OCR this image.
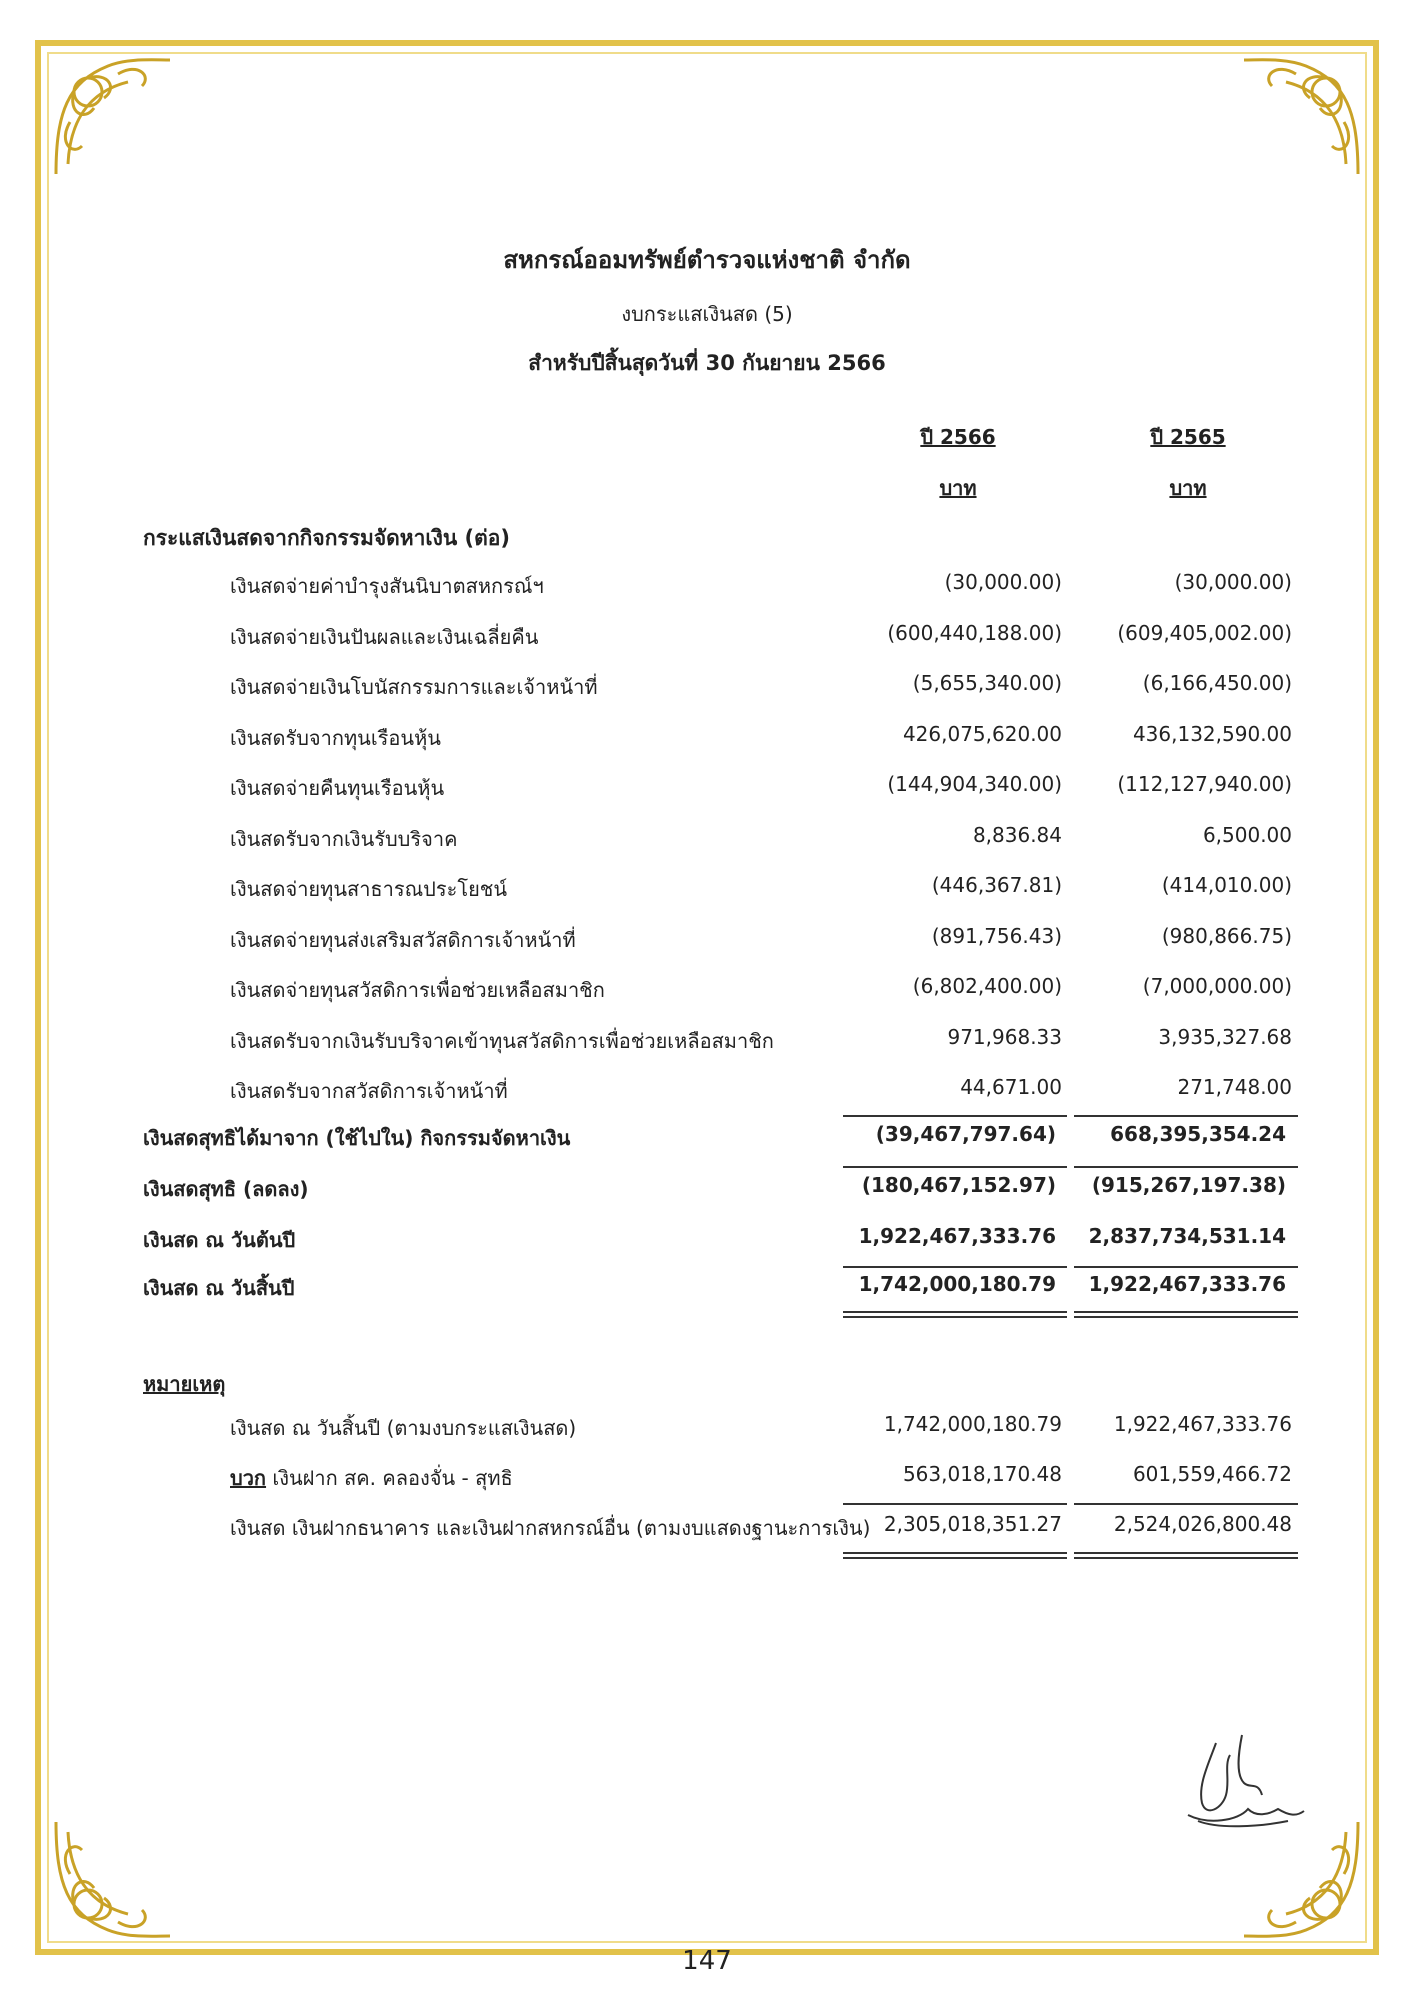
สหกรณ์ออมทรัพย์ตำรวจแห่งชาติ จำกัด
งบกระแสเงินสด (5)
สำหรับปีสิ้นสุดวันที่ 30 กันยายน 2566
ปี 2566	ปี 2565
บาท	บาท
กระแสเงินสดจากกิจกรรมจัดหาเงิน (ต่อ)
เงินสดจ่ายค่าบำรุงสันนิบาตสหกรณ์ฯ	(30,000.00)	(30,000.00)
เงินสดจ่ายเงินปันผลและเงินเฉลี่ยคืน	(600,440,188.00)	(609,405,002.00)
เงินสดจ่ายเงินโบนัสกรรมการและเจ้าหน้าที่	(5,655,340.00)	(6,166,450.00)
เงินสดรับจากทุนเรือนหุ้น	426,075,620.00	436,132,590.00
เงินสดจ่ายคืนทุนเรือนหุ้น	(144,904,340.00)	(112,127,940.00)
เงินสดรับจากเงินรับบริจาค	8,836.84	6,500.00
เงินสดจ่ายทุนสาธารณประโยชน์	(446,367.81)	(414,010.00)
เงินสดจ่ายทุนส่งเสริมสวัสดิการเจ้าหน้าที่	(891,756.43)	(980,866.75)
เงินสดจ่ายทุนสวัสดิการเพื่อช่วยเหลือสมาชิก	(6,802,400.00)	(7,000,000.00)
เงินสดรับจากเงินรับบริจาคเข้าทุนสวัสดิการเพื่อช่วยเหลือสมาชิก	971,968.33	3,935,327.68
เงินสดรับจากสวัสดิการเจ้าหน้าที่	44,671.00	271,748.00
เงินสดสุทธิได้มาจาก (ใช้ไปใน) กิจกรรมจัดหาเงิน	(39,467,797.64)	668,395,354.24
เงินสดสุทธิ (ลดลง)	(180,467,152.97)	(915,267,197.38)
เงินสด ณ วันต้นปี	1,922,467,333.76	2,837,734,531.14
เงินสด ณ วันสิ้นปี	1,742,000,180.79	1,922,467,333.76
หมายเหตุ
เงินสด ณ วันสิ้นปี (ตามงบกระแสเงินสด)	1,742,000,180.79	1,922,467,333.76
บวก เงินฝาก สค. คลองจั่น - สุทธิ	563,018,170.48	601,559,466.72
เงินสด เงินฝากธนาคาร และเงินฝากสหกรณ์อื่น (ตามงบแสดงฐานะการเงิน) 2,305,018,351.27	2,524,026,800.48
147
